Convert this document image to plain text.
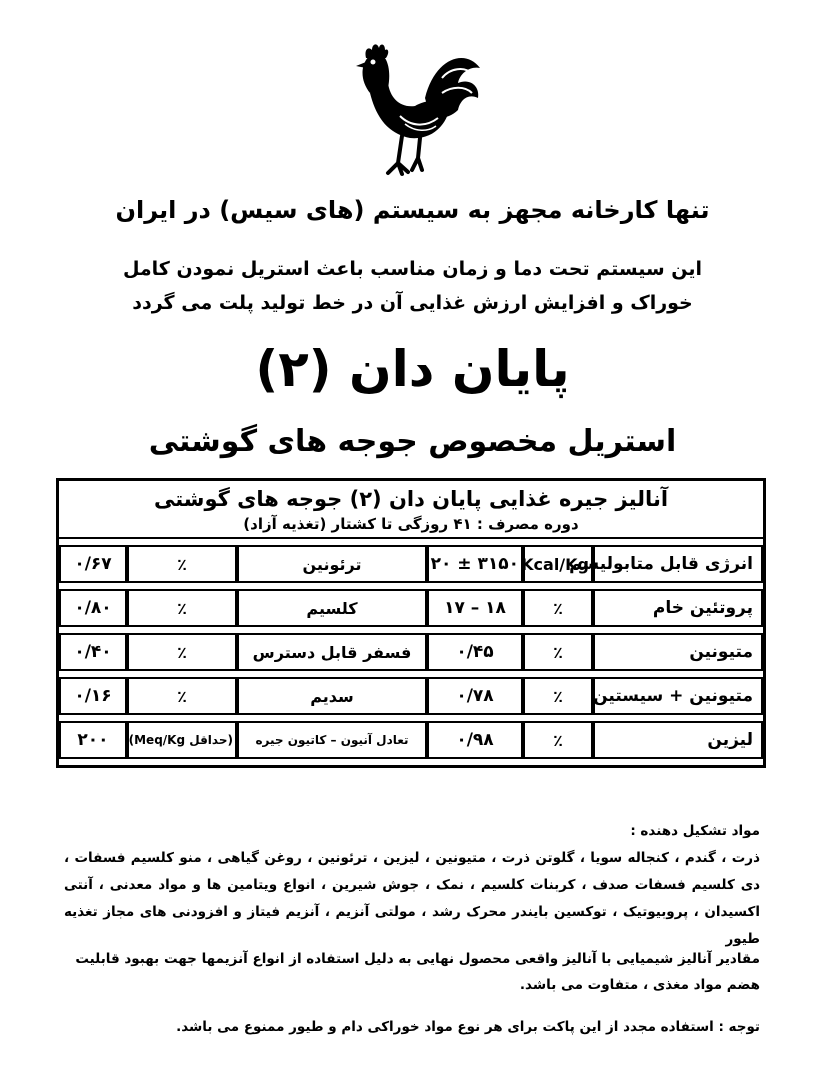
تنها کارخانه مجهز به سیستم (های سیس) در ایران
این سیستم تحت دما و زمان مناسب باعث استریل نمودن کامل
خوراک و افزایش ارزش غذایی آن در خط تولید پلت می گردد
پایان دان (۲)
استریل مخصوص جوجه های گوشتی
آنالیز جیره غذایی پایان دان (۲) جوجه های گوشتی
دوره مصرف : ۴۱ روزگی تا کشتار (تغذیه آزاد)
انرژی قابل متابولیسم	Kcal/Kg	۳۱۵۰ ± ۲۰	ترئونین	٪	۰/۶۷
پروتئین خام	٪	۱۸ – ۱۷	کلسیم	٪	۰/۸۰
متیونین	٪	۰/۴۵	فسفر قابل دسترس	٪	۰/۴۰
متیونین + سیستین	٪	۰/۷۸	سدیم	٪	۰/۱۶
لیزین	٪	۰/۹۸	تعادل آنیون – کاتیون جیره	(حداقل Meq/Kg)	۲۰۰
مواد تشکیل دهنده :
ذرت ، گندم ، کنجاله سویا ، گلوتن ذرت ، متیونین ، لیزین ، ترئونین ، روغن گیاهی ، منو کلسیم فسفات ، دی کلسیم فسفات صدف ، کربنات کلسیم ، نمک ، جوش شیرین ، انواع ویتامین ها و مواد معدنی ، آنتی اکسیدان ، پروبیوتیک ، توکسین بایندر محرک رشد ، مولتی آنزیم ، آنزیم فیتاز و افزودنی های مجاز تغذیه طیور
مقادیر آنالیز شیمیایی با آنالیز واقعی محصول نهایی به دلیل استفاده از انواع آنزیمها جهت بهبود قابلیت هضم مواد مغذی ، متفاوت می باشد.
توجه : استفاده مجدد از این پاکت برای هر نوع مواد خوراکی دام و طیور ممنوع می باشد.
